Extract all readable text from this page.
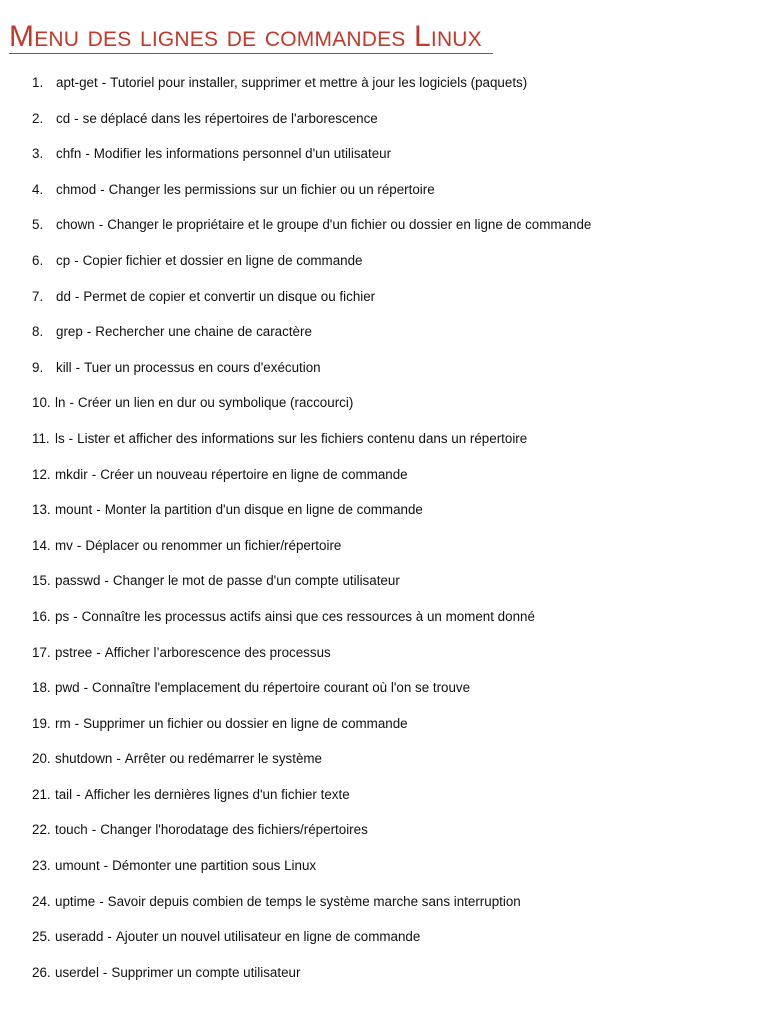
Menu des lignes de commandes Linux
1. apt-get - Tutoriel pour installer, supprimer et mettre à jour les logiciels (paquets)
2. cd - se déplacé dans les répertoires de l'arborescence
3. chfn - Modifier les informations personnel d'un utilisateur
4. chmod - Changer les permissions sur un fichier ou un répertoire
5. chown - Changer le propriétaire et le groupe d'un fichier ou dossier en ligne de commande
6. cp - Copier fichier et dossier en ligne de commande
7. dd - Permet de copier et convertir un disque ou fichier
8. grep - Rechercher une chaine de caractère
9. kill - Tuer un processus en cours d'exécution
10. ln - Créer un lien en dur ou symbolique (raccourci)
11. ls - Lister et afficher des informations sur les fichiers contenu dans un répertoire
12. mkdir - Créer un nouveau répertoire en ligne de commande
13. mount - Monter la partition d'un disque en ligne de commande
14. mv - Déplacer ou renommer un fichier/répertoire
15. passwd - Changer le mot de passe d'un compte utilisateur
16. ps - Connaître les processus actifs ainsi que ces ressources à un moment donné
17. pstree - Afficher l’arborescence des processus
18. pwd - Connaître l'emplacement du répertoire courant où l'on se trouve
19. rm - Supprimer un fichier ou dossier en ligne de commande
20. shutdown - Arrêter ou redémarrer le système
21. tail - Afficher les dernières lignes d'un fichier texte
22. touch - Changer l'horodatage des fichiers/répertoires
23. umount - Démonter une partition sous Linux
24. uptime - Savoir depuis combien de temps le système marche sans interruption
25. useradd - Ajouter un nouvel utilisateur en ligne de commande
26. userdel - Supprimer un compte utilisateur
